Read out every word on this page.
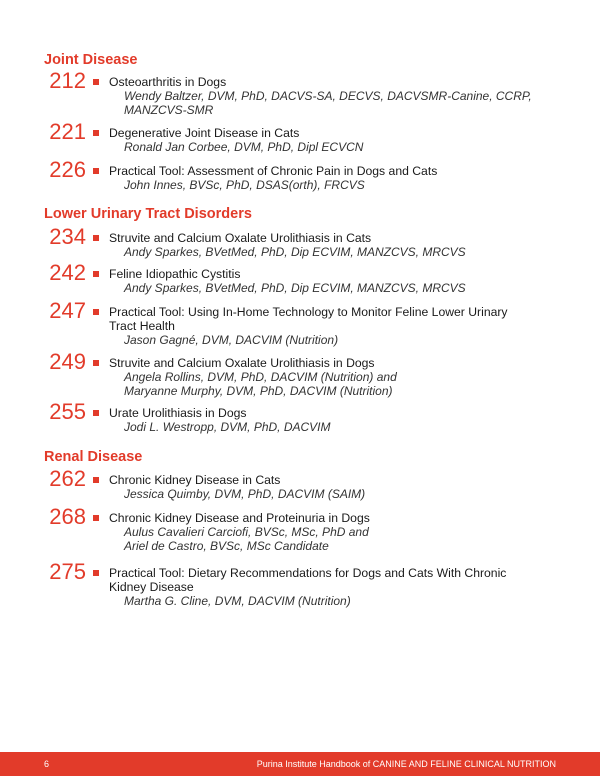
Joint Disease
Lower Urinary Tract Disorders
Renal Disease
212 Osteoarthritis in Dogs
Wendy Baltzer, DVM, PhD, DACVS-SA, DECVS, DACVSMR-Canine, CCRP,
MANZCVS-SMR
221 Degenerative Joint Disease in Cats
Ronald Jan Corbee, DVM, PhD, Dipl ECVCN
226 Practical Tool: Assessment of Chronic Pain in Dogs and Cats
John Innes, BVSc, PhD, DSAS(orth), FRCVS
234 Struvite and Calcium Oxalate Urolithiasis in Cats
Andy Sparkes, BVetMed, PhD, Dip ECVIM, MANZCVS, MRCVS
242 Feline Idiopathic Cystitis
Andy Sparkes, BVetMed, PhD, Dip ECVIM, MANZCVS, MRCVS
247 Practical Tool: Using In-Home Technology to Monitor Feline Lower Urinary
Tract Health
Jason Gagné, DVM, DACVIM (Nutrition)
249 Struvite and Calcium Oxalate Urolithiasis in Dogs
Angela Rollins, DVM, PhD, DACVIM (Nutrition) and
Maryanne Murphy, DVM, PhD, DACVIM (Nutrition)
255 Urate Urolithiasis in Dogs
Jodi L. Westropp, DVM, PhD, DACVIM
262 Chronic Kidney Disease in Cats
Jessica Quimby, DVM, PhD, DACVIM (SAIM)
268 Chronic Kidney Disease and Proteinuria in Dogs
Aulus Cavalieri Carciofi, BVSc, MSc, PhD and
Ariel de Castro, BVSc, MSc Candidate
275 Practical Tool: Dietary Recommendations for Dogs and Cats With Chronic
Kidney Disease
Martha G. Cline, DVM, DACVIM (Nutrition)
6	Purina Institute Handbook of CANINE AND FELINE CLINICAL NUTRITION
